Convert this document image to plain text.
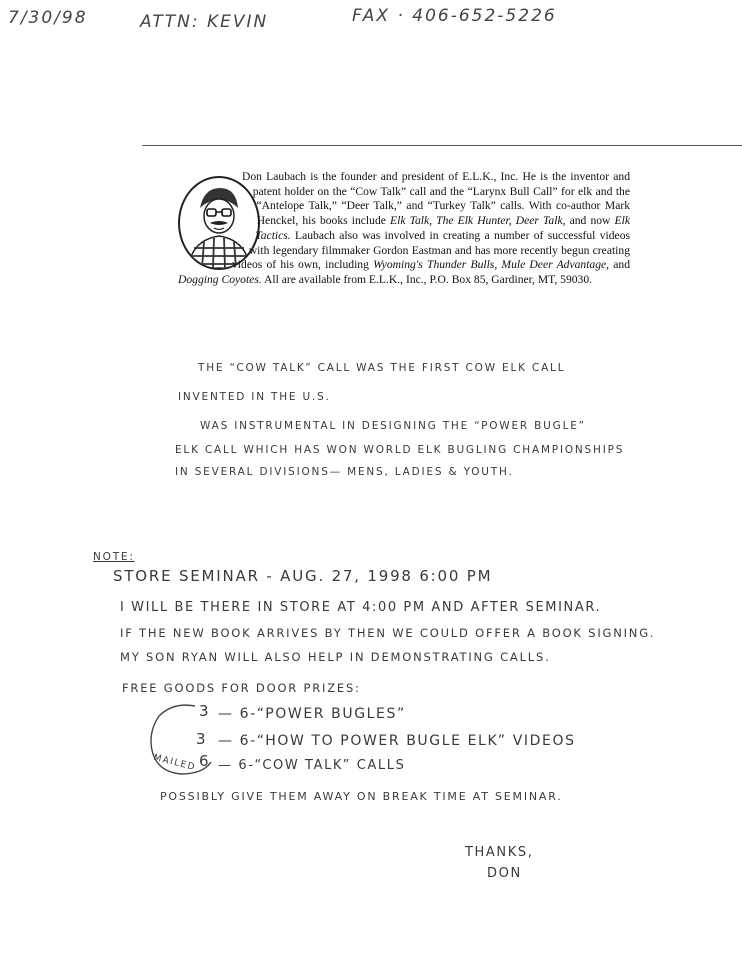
7/30/98	ATTN: KEVIN	FAX · 406-652-5226

Don Laubach is the founder and president of E.L.K., Inc. He is the inventor and patent holder on the “Cow Talk” call and the “Larynx Bull Call” for elk and the “Antelope Talk,” “Deer Talk,” and “Turkey Talk” calls. With co-author Mark Henckel, his books include Elk Talk, The Elk Hunter, Deer Talk, and now Elk Tactics. Laubach also was involved in creating a number of successful videos with legendary filmmaker Gordon Eastman and has more recently begun creating videos of his own, including Wyoming's Thunder Bulls, Mule Deer Advantage, and Dogging Coyotes. All are available from E.L.K., Inc., P.O. Box 85, Gardiner, MT, 59030.

THE “COW TALK” CALL WAS THE FIRST COW ELK CALL
INVENTED IN THE U.S.
WAS INSTRUMENTAL IN DESIGNING THE “POWER BUGLE”
ELK CALL WHICH HAS WON WORLD ELK BUGLING CHAMPIONSHIPS
IN SEVERAL DIVISIONS— MENS, LADIES & YOUTH.
NOTE:
STORE SEMINAR - AUG. 27, 1998 6:00 PM
I WILL BE THERE IN STORE AT 4:00 PM AND AFTER SEMINAR.
IF THE NEW BOOK ARRIVES BY THEN WE COULD OFFER A BOOK SIGNING.
MY SON RYAN WILL ALSO HELP IN DEMONSTRATING CALLS.
FREE GOODS FOR DOOR PRIZES:
3 — 6-“POWER BUGLES”
3 — 6-“HOW TO POWER BUGLE ELK” VIDEOS
6 — 6-“COW TALK” CALLS
MAILED
POSSIBLY GIVE THEM AWAY ON BREAK TIME AT SEMINAR.
THANKS,
DON
